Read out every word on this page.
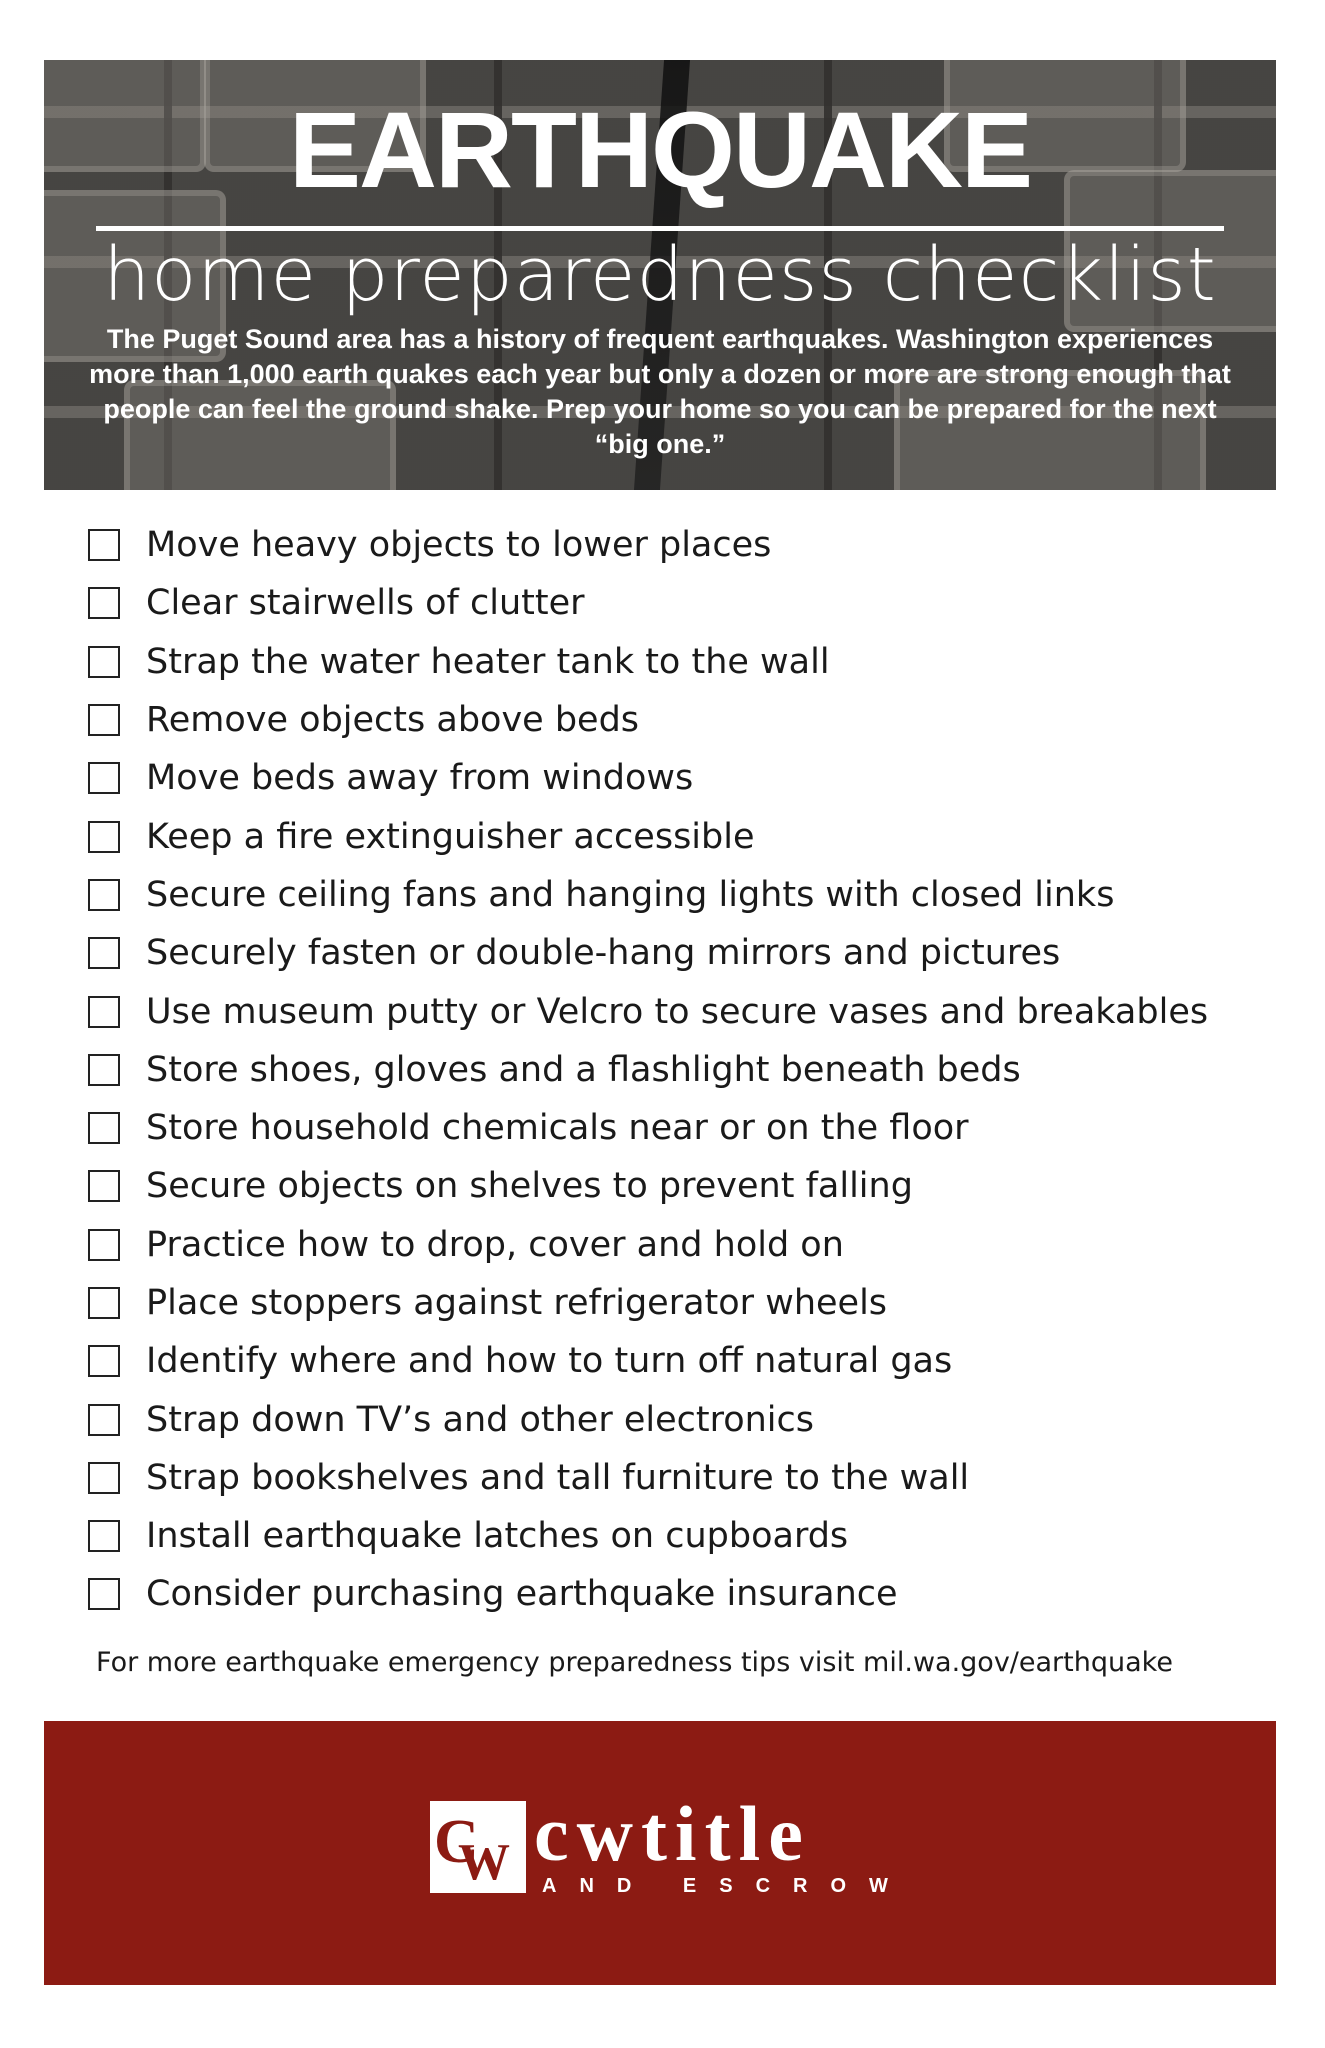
EARTHQUAKE
home preparedness checklist
The Puget Sound area has a history of frequent earthquakes. Washington experiences more than 1,000 earth quakes each year but only a dozen or more are strong enough that people can feel the ground shake. Prep your home so you can be prepared for the next “big one.”
Move heavy objects to lower places
Clear stairwells of clutter
Strap the water heater tank to the wall
Remove objects above beds
Move beds away from windows
Keep a fire extinguisher accessible
Secure ceiling fans and hanging lights with closed links
Securely fasten or double-hang mirrors and pictures
Use museum putty or Velcro to secure vases and breakables
Store shoes, gloves and a flashlight beneath beds
Store household chemicals near or on the floor
Secure objects on shelves to prevent falling
Practice how to drop, cover and hold on
Place stoppers against refrigerator wheels
Identify where and how to turn off natural gas
Strap down TV’s and other electronics
Strap bookshelves and tall furniture to the wall
Install earthquake latches on cupboards
Consider purchasing earthquake insurance
For more earthquake emergency preparedness tips visit mil.wa.gov/earthquake
C
W cwtitle
AND ESCROW
